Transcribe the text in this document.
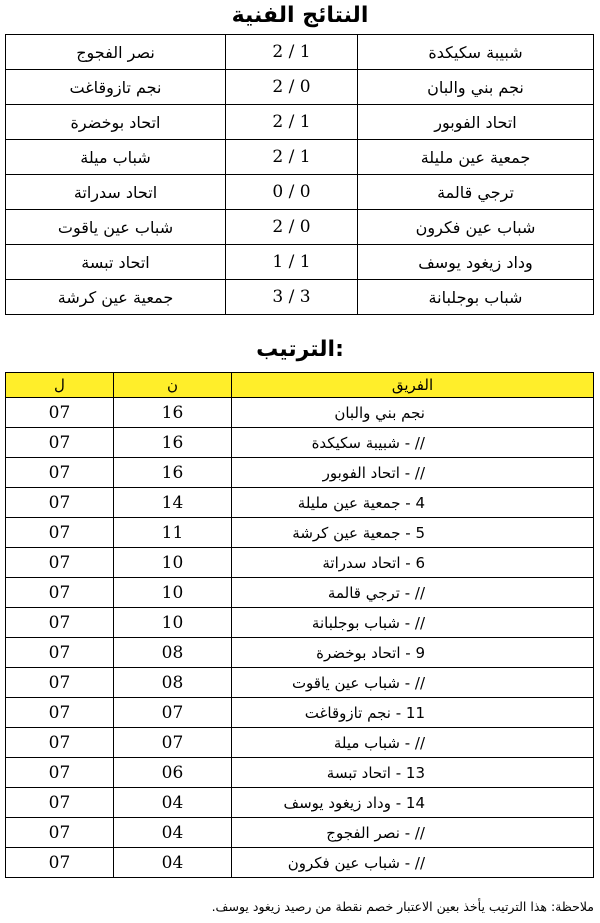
النتائج الفنية
نصر الفجوج	2 / 1	شبيبة سكيكدة
نجم تازوقاغت	2 / 0	نجم بني والبان
اتحاد بوخضرة	2 / 1	اتحاد الفوبور
شباب ميلة	2 / 1	جمعية عين مليلة
اتحاد سدراتة	0 / 0	ترجي قالمة
شباب عين ياقوت	2 / 0	شباب عين فكرون
اتحاد تبسة	1 / 1	وداد زيغود يوسف
جمعية عين كرشة	3 / 3	شباب بوجلبانة
الترتيب:
ل	ن	الفريق
07	16	نجم بني والبان
07	16	// - شبيبة سكيكدة
07	16	// - اتحاد الفوبور
07	14	4 - جمعية عين مليلة
07	11	5 - جمعية عين كرشة
07	10	6 - اتحاد سدراتة
07	10	// - ترجي قالمة
07	10	// - شباب بوجلبانة
07	08	9 - اتحاد بوخضرة
07	08	// - شباب عين ياقوت
07	07	11 - نجم تازوقاغت
07	07	// - شباب ميلة
07	06	13 - اتحاد تبسة
07	04	14 - وداد زيغود يوسف
07	04	// - نصر الفجوج
07	04	// - شباب عين فكرون
ملاحظة: هذا الترتيب يأخذ بعين الاعتبار خصم نقطة من رصيد زيغود يوسف.
